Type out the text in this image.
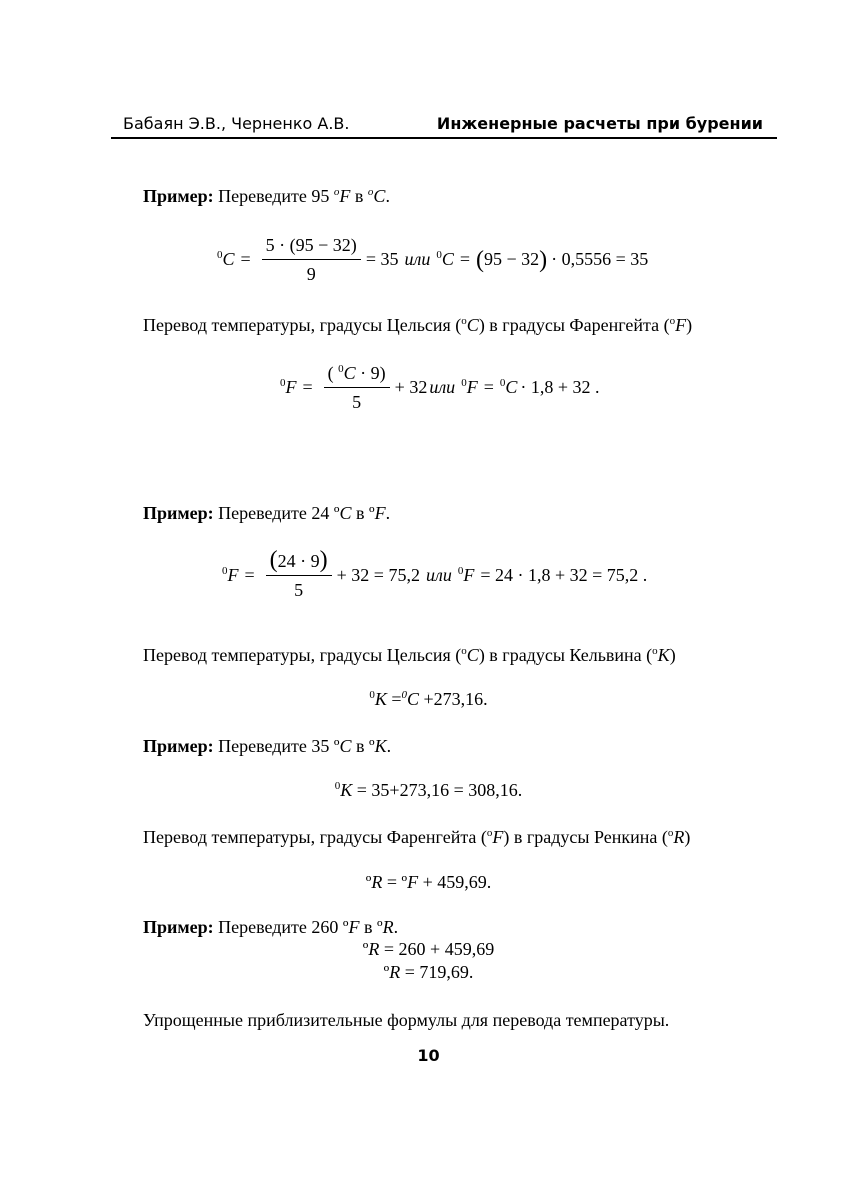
Бабаян Э.В., Черненко А.В.	Инженерные расчеты при бурении
Пример: Переведите 95 $^o$F в $^o$C.
$^0C = \frac{5 \cdot (95 - 32)}{9} = 35$ или $^0$C = ( 95 − 32 ) · 0,5556 = 35
Перевод температуры, градусы Цельсия ($^o$C) в градусы Фаренгейта ($^o$F)
$^0F = \frac{( ^0C \cdot 9)}{5} + 32$ или $^0$F = $^0$C · 1,8 + 32 .
Пример: Переведите 24 ºC в ºF.
$^0F = \frac{(24 \cdot 9)}{5} + 32 = 75,2$ или $^0$F = 24 · 1,8 + 32 = 75,2 .
Перевод температуры, градусы Цельсия ($^o$C) в градусы Кельвина ($^o$K)
$^0$K =$^0$C +273,16.
Пример: Переведите 35 ºC в ºK.
$^0$K = 35+273,16 = 308,16.
Перевод температуры, градусы Фаренгейта ($^o$F) в градусы Ренкина ($^o$R)
ºR = ºF + 459,69.
Пример: Переведите 260 ºF в ºR.
ºR = 260 + 459,69
ºR = 719,69.
Упрощенные приблизительные формулы для перевода температуры.
10
